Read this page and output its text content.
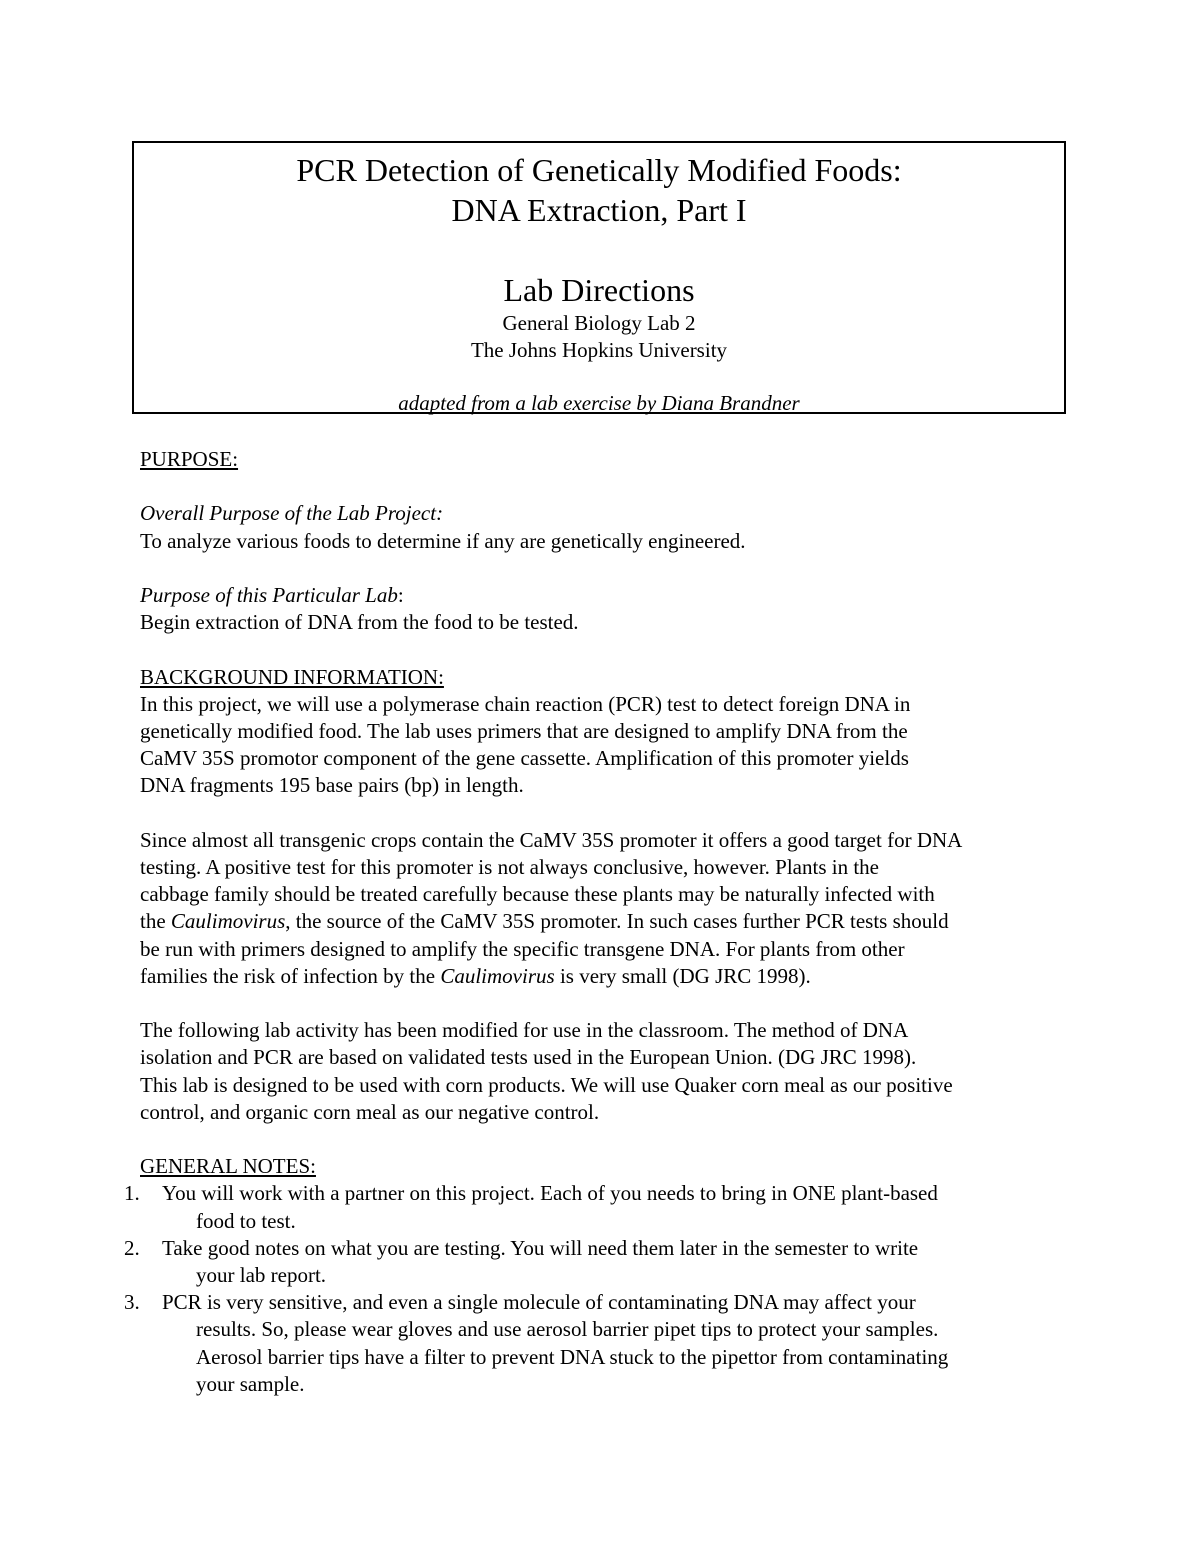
PCR Detection of Genetically Modified Foods:
DNA Extraction, Part I
Lab Directions
General Biology Lab 2
The Johns Hopkins University
adapted from a lab exercise by Diana Brandner

PURPOSE:

Overall Purpose of the Lab Project:

To analyze various foods to determine if any are genetically engineered.

Purpose of this Particular Lab:

Begin extraction of DNA from the food to be tested.

BACKGROUND INFORMATION:

In this project, we will use a polymerase chain reaction (PCR) test to detect foreign DNA in

genetically modified food. The lab uses primers that are designed to amplify DNA from the

CaMV 35S promotor component of the gene cassette. Amplification of this promoter yields

DNA fragments 195 base pairs (bp) in length.

Since almost all transgenic crops contain the CaMV 35S promoter it offers a good target for DNA

testing. A positive test for this promoter is not always conclusive, however. Plants in the

cabbage family should be treated carefully because these plants may be naturally infected with

the Caulimovirus, the source of the CaMV 35S promoter. In such cases further PCR tests should

be run with primers designed to amplify the specific transgene DNA. For plants from other

families the risk of infection by the Caulimovirus is very small (DG JRC 1998).

The following lab activity has been modified for use in the classroom. The method of DNA

isolation and PCR are based on validated tests used in the European Union. (DG JRC 1998).

This lab is designed to be used with corn products. We will use Quaker corn meal as our positive

control, and organic corn meal as our negative control.

GENERAL NOTES:

1. You will work with a partner on this project. Each of you needs to bring in ONE plant-based
food to test.
2. Take good notes on what you are testing. You will need them later in the semester to write
your lab report.
3. PCR is very sensitive, and even a single molecule of contaminating DNA may affect your
results. So, please wear gloves and use aerosol barrier pipet tips to protect your samples.
Aerosol barrier tips have a filter to prevent DNA stuck to the pipettor from contaminating
your sample.
